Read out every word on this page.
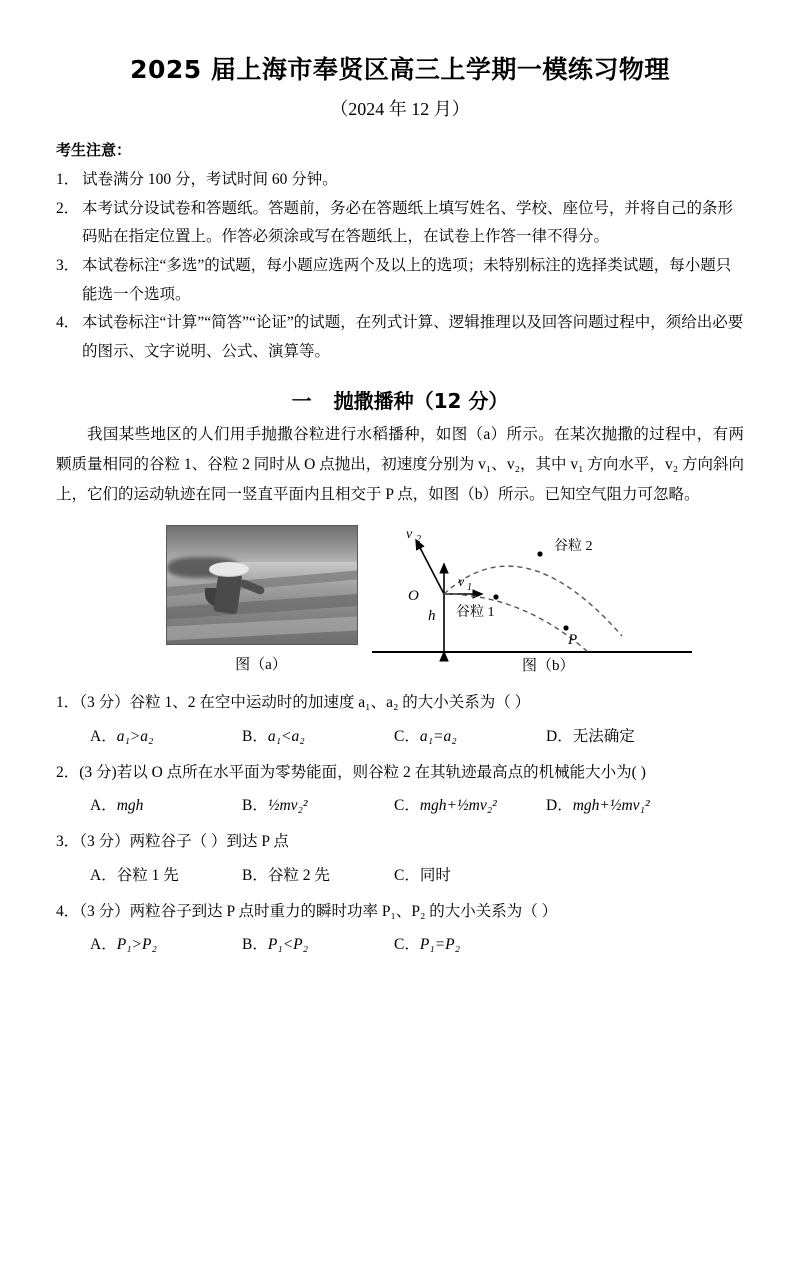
2025 届上海市奉贤区高三上学期一模练习物理
（2024 年 12 月）
考生注意：
1． 试卷满分 100 分，考试时间 60 分钟。
2． 本考试分设试卷和答题纸。答题前，务必在答题纸上填写姓名、学校、座位号，并将自己的条形码贴在指定位置上。作答必须涂或写在答题纸上，在试卷上作答一律不得分。
3． 本试卷标注“多选”的试题，每小题应选两个及以上的选项；未特别标注的选择类试题，每小题只能选一个选项。
4． 本试卷标注“计算”“简答”“论证”的试题，在列式计算、逻辑推理以及回答问题过程中，须给出必要的图示、文字说明、公式、演算等。
一 抛撒播种（12 分）

我国某些地区的人们用手抛撒谷粒进行水稻播种，如图（a）所示。在某次抛撒的过程中，有两颗质量相同的谷粒 1、谷粒 2 同时从 O 点抛出，初速度分别为 v₁、v₂，其中 v₁ 方向水平，v₂ 方向斜向上，它们的运动轨迹在同一竖直平面内且相交于 P 点，如图（b）所示。已知空气阻力可忽略。

图（a）
O
v 2
v 1
h 谷粒 1
谷粒 2
P
图（b）
1．（3 分）谷粒 1、2 在空中运动时的加速度 a₁、a₂ 的大小关系为（ ）
A．a₁>a₂	B．a₁<a₂	C．a₁=a₂	D．无法确定
2．(3 分)若以 O 点所在水平面为零势能面，则谷粒 2 在其轨迹最高点的机械能大小为( )
A．mgh	B．½mv₂²	C．mgh+½mv₂²	D．mgh+½mv₁²
3．（3 分）两粒谷子（ ）到达 P 点
A．谷粒 1 先	B．谷粒 2 先	C．同时
4．（3 分）两粒谷子到达 P 点时重力的瞬时功率 P₁、P₂ 的大小关系为（ ）
A．P₁>P₂	B．P₁<P₂	C．P₁=P₂
